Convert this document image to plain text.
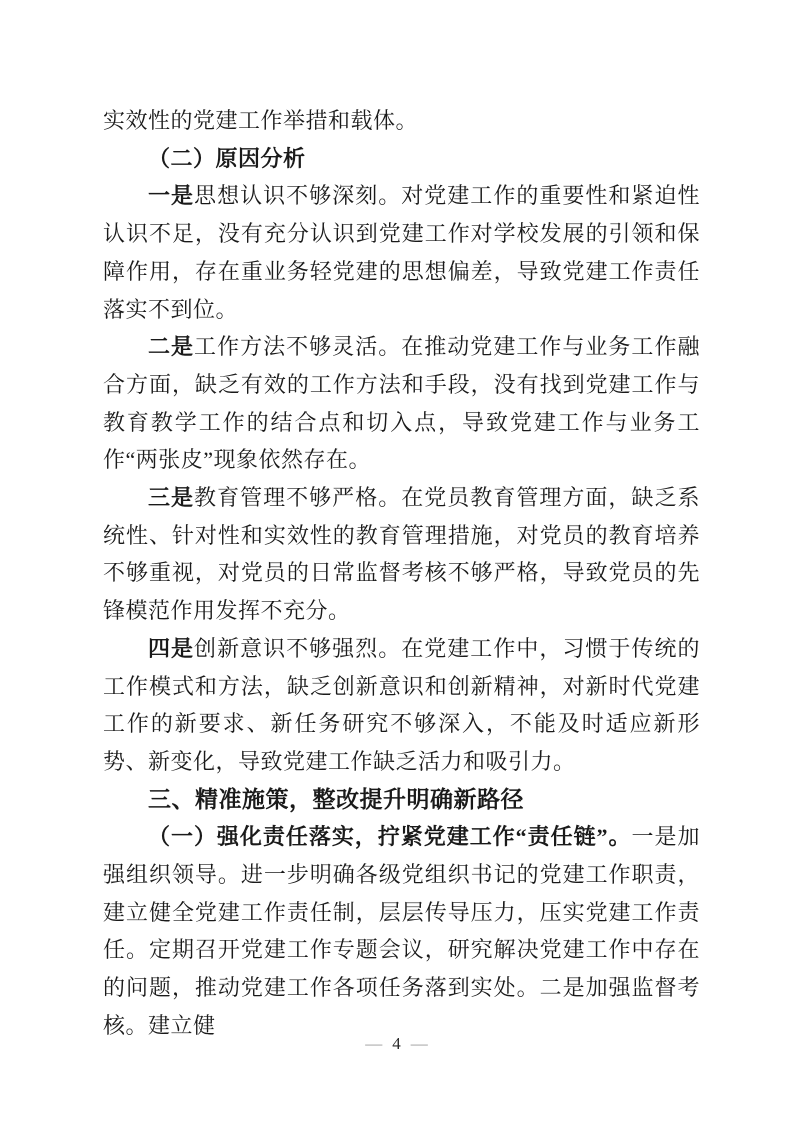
实效性的党建工作举措和载体。

（二）原因分析

一是思想认识不够深刻。对党建工作的重要性和紧迫性认识不足，没有充分认识到党建工作对学校发展的引领和保障作用，存在重业务轻党建的思想偏差，导致党建工作责任落实不到位。

二是工作方法不够灵活。在推动党建工作与业务工作融合方面，缺乏有效的工作方法和手段，没有找到党建工作与教育教学工作的结合点和切入点，导致党建工作与业务工作“两张皮”现象依然存在。

三是教育管理不够严格。在党员教育管理方面，缺乏系统性、针对性和实效性的教育管理措施，对党员的教育培养不够重视，对党员的日常监督考核不够严格，导致党员的先锋模范作用发挥不充分。

四是创新意识不够强烈。在党建工作中，习惯于传统的工作模式和方法，缺乏创新意识和创新精神，对新时代党建工作的新要求、新任务研究不够深入，不能及时适应新形势、新变化，导致党建工作缺乏活力和吸引力。

三、精准施策，整改提升明确新路径

（一）强化责任落实，拧紧党建工作“责任链”。一是加强组织领导。进一步明确各级党组织书记的党建工作职责，建立健全党建工作责任制，层层传导压力，压实党建工作责任。定期召开党建工作专题会议，研究解决党建工作中存在的问题，推动党建工作各项任务落到实处。二是加强监督考核。建立健

— 4 —
